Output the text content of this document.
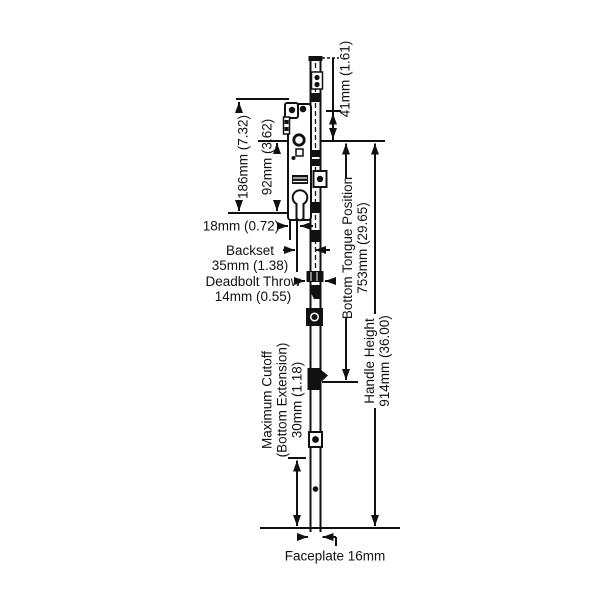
41mm (1.61)
186mm (7.32) 92mm (3.62)
18mm (0.72)
Backset
35mm (1.38)
Deadbolt Throw
14mm (0.55)	Bottom Tongue Position 753mm (29.65)
Handle Height 914mm (36.00)
Maximum Cutoff (Bottom Extension) 30mm (1.18)
Faceplate 16mm
